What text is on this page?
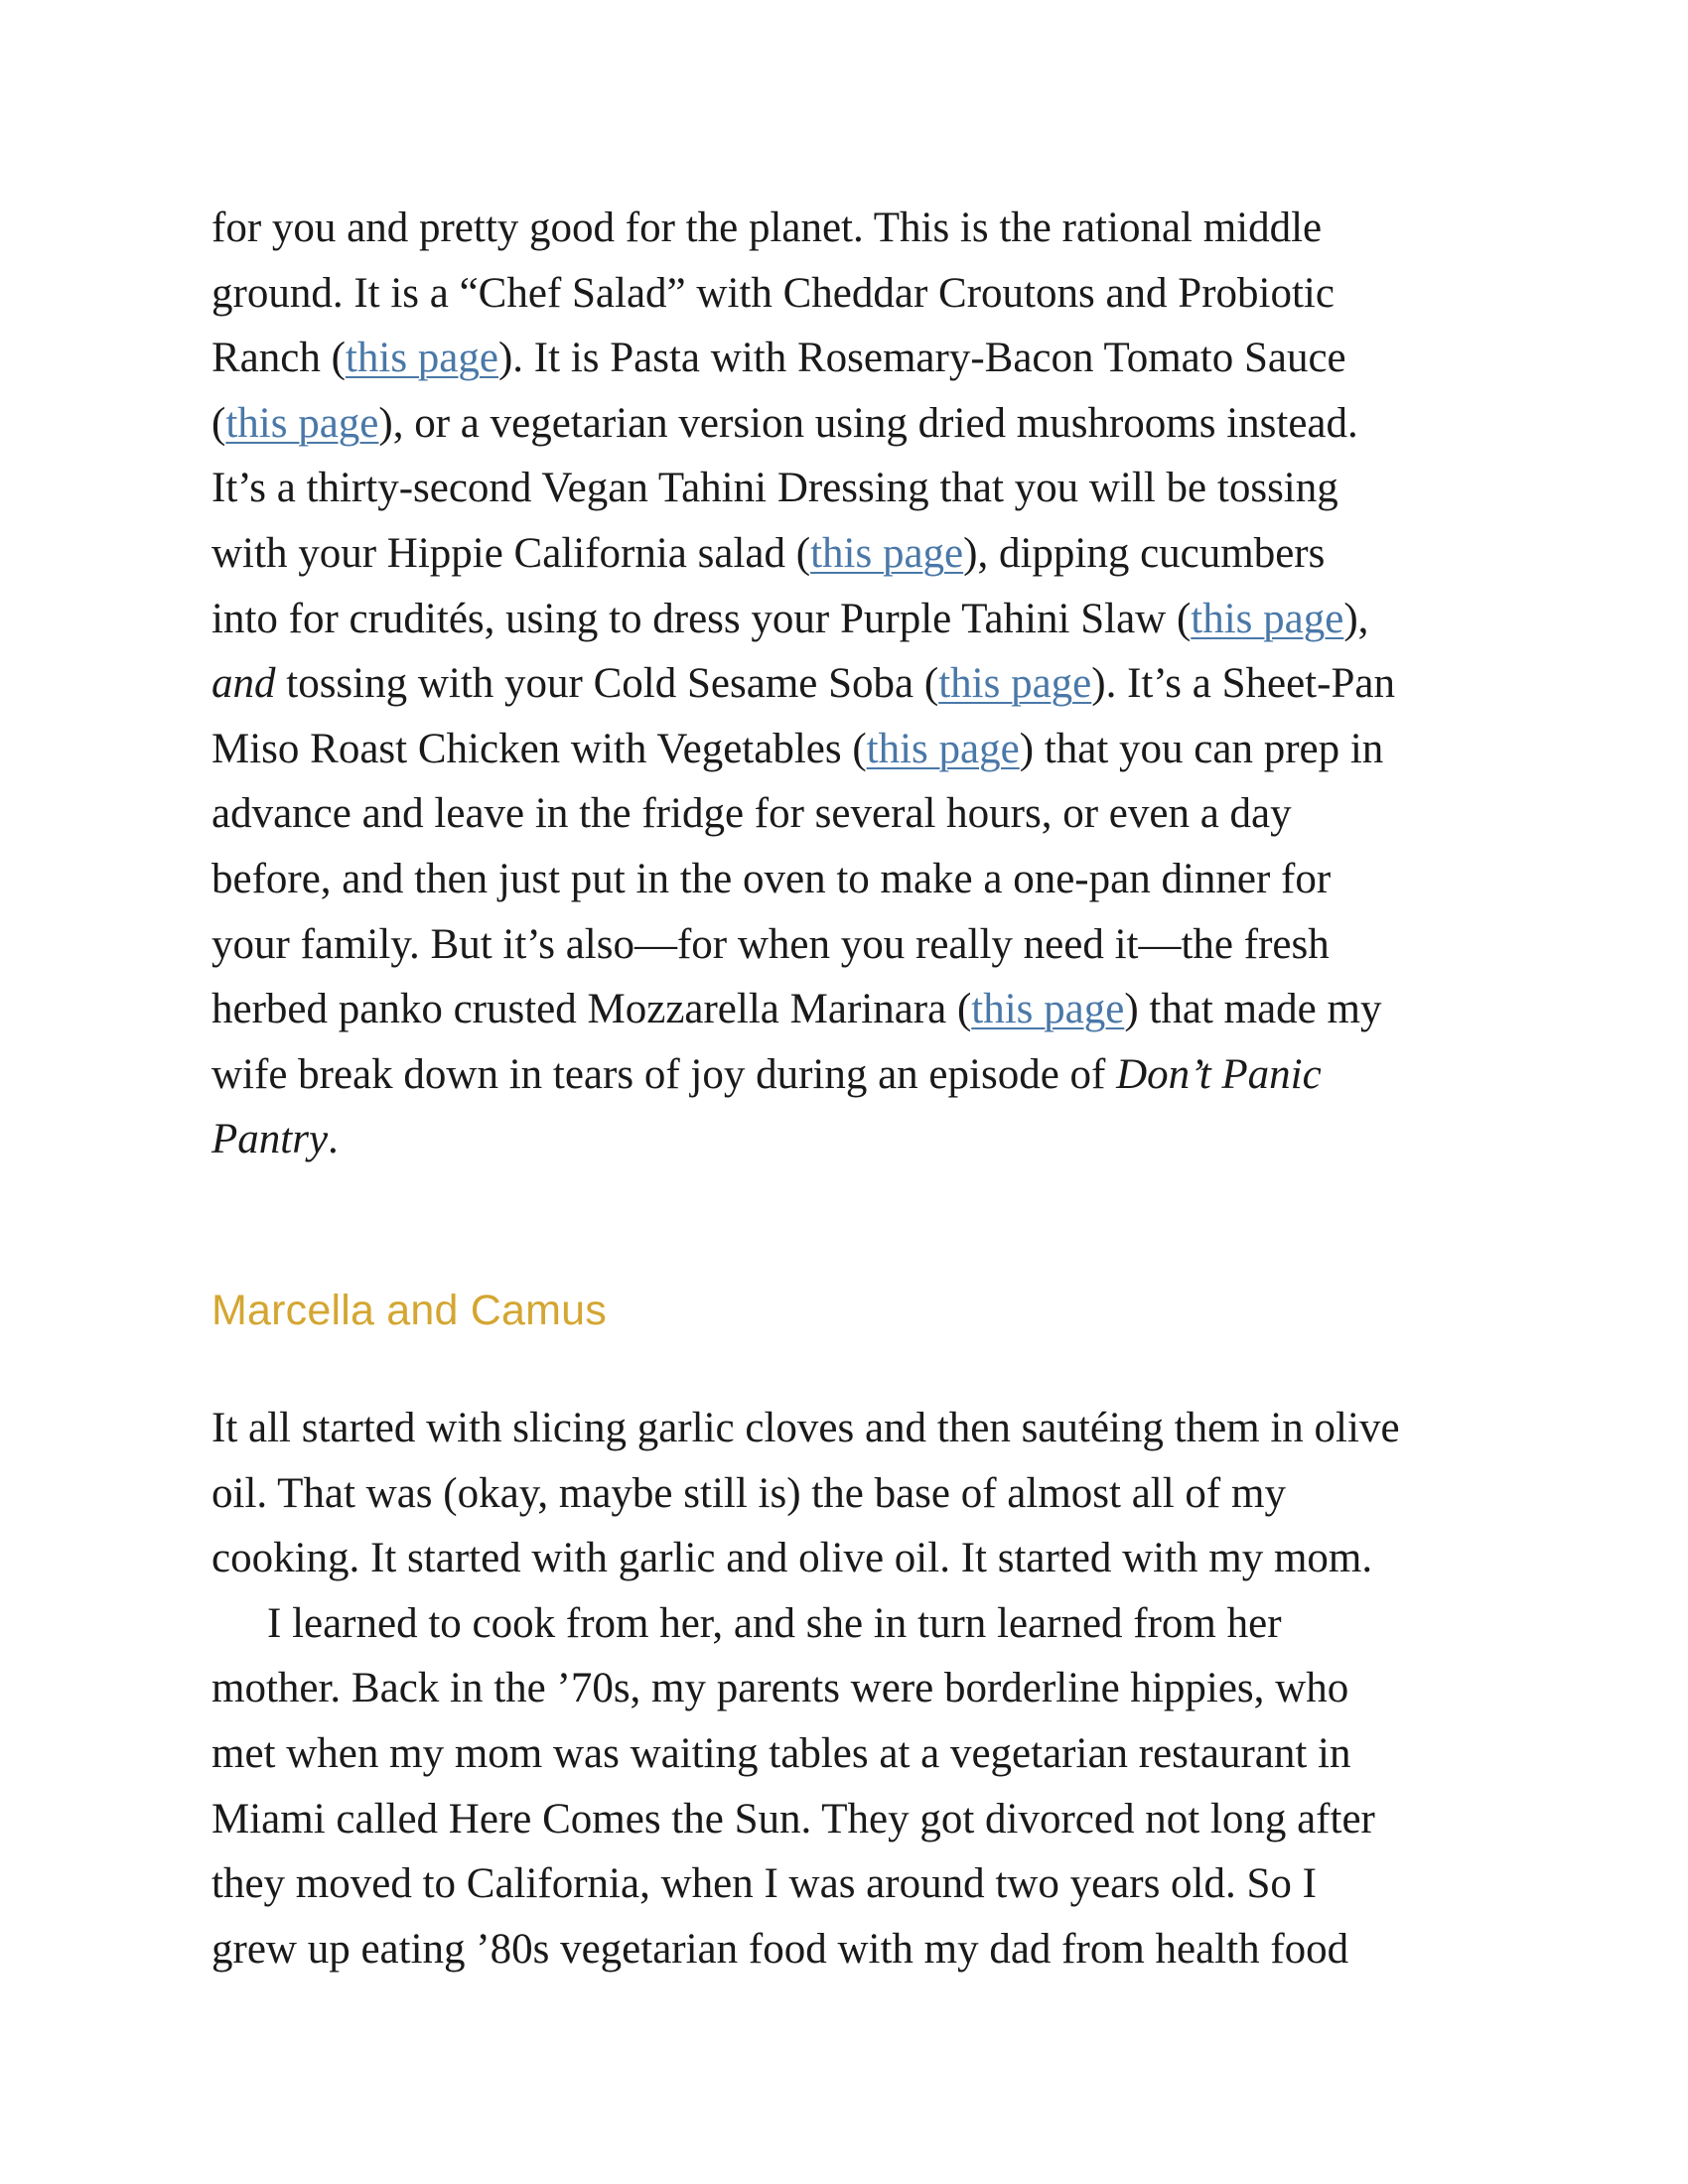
for you and pretty good for the planet. This is the rational middle
ground. It is a “Chef Salad” with Cheddar Croutons and Probiotic
Ranch (this page). It is Pasta with Rosemary-Bacon Tomato Sauce
(this page), or a vegetarian version using dried mushrooms instead.
It’s a thirty-second Vegan Tahini Dressing that you will be tossing
with your Hippie California salad (this page), dipping cucumbers
into for crudités, using to dress your Purple Tahini Slaw (this page),
and tossing with your Cold Sesame Soba (this page). It’s a Sheet-Pan
Miso Roast Chicken with Vegetables (this page) that you can prep in
advance and leave in the fridge for several hours, or even a day
before, and then just put in the oven to make a one-pan dinner for
your family. But it’s also—for when you really need it—the fresh
herbed panko crusted Mozzarella Marinara (this page) that made my
wife break down in tears of joy during an episode of Don’t Panic
Pantry.

Marcella and Camus

It all started with slicing garlic cloves and then sautéing them in olive
oil. That was (okay, maybe still is) the base of almost all of my
cooking. It started with garlic and olive oil. It started with my mom.

I learned to cook from her, and she in turn learned from her
mother. Back in the ’70s, my parents were borderline hippies, who
met when my mom was waiting tables at a vegetarian restaurant in
Miami called Here Comes the Sun. They got divorced not long after
they moved to California, when I was around two years old. So I
grew up eating ’80s vegetarian food with my dad from health food
